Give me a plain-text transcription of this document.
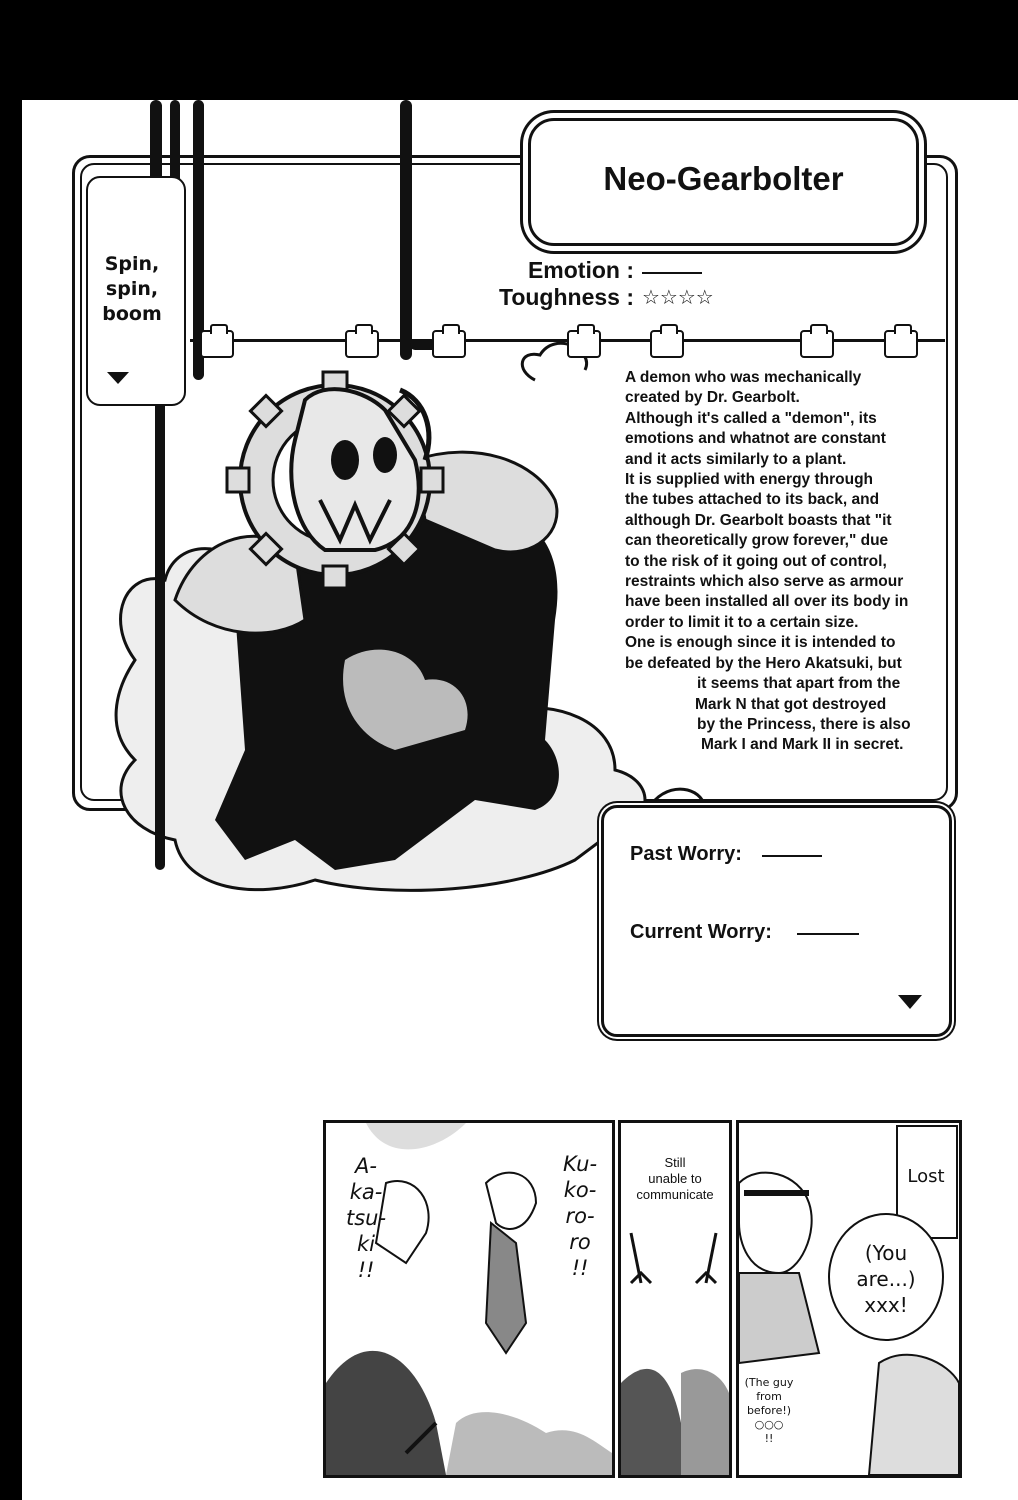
Spin,
spin,
boom
Neo-Gearbolter
Emotion :
Toughness : ☆☆☆☆
A demon who was mechanically
created by Dr. Gearbolt.
Although it's called a "demon", its
emotions and whatnot are constant
and it acts similarly to a plant.
It is supplied with energy through
the tubes attached to its back, and
although Dr. Gearbolt boasts that "it
can theoretically grow forever," due
to the risk of it going out of control,
restraints which also serve as armour
have been installed all over its body in
order to limit it to a certain size.
One is enough since it is intended to
be defeated by the Hero Akatsuki, but
it seems that apart from the
Mark N that got destroyed
by the Princess, there is also
Mark I and Mark II in secret.
Past Worry:
Current Worry:
A-
ka-
tsu-
ki
!!
Ku-
ko-
ro-
ro
!!
Still
unable to
communicate
Lost
(You
are...)
xxx!
(The guy
from
before!)
○○○
!!
